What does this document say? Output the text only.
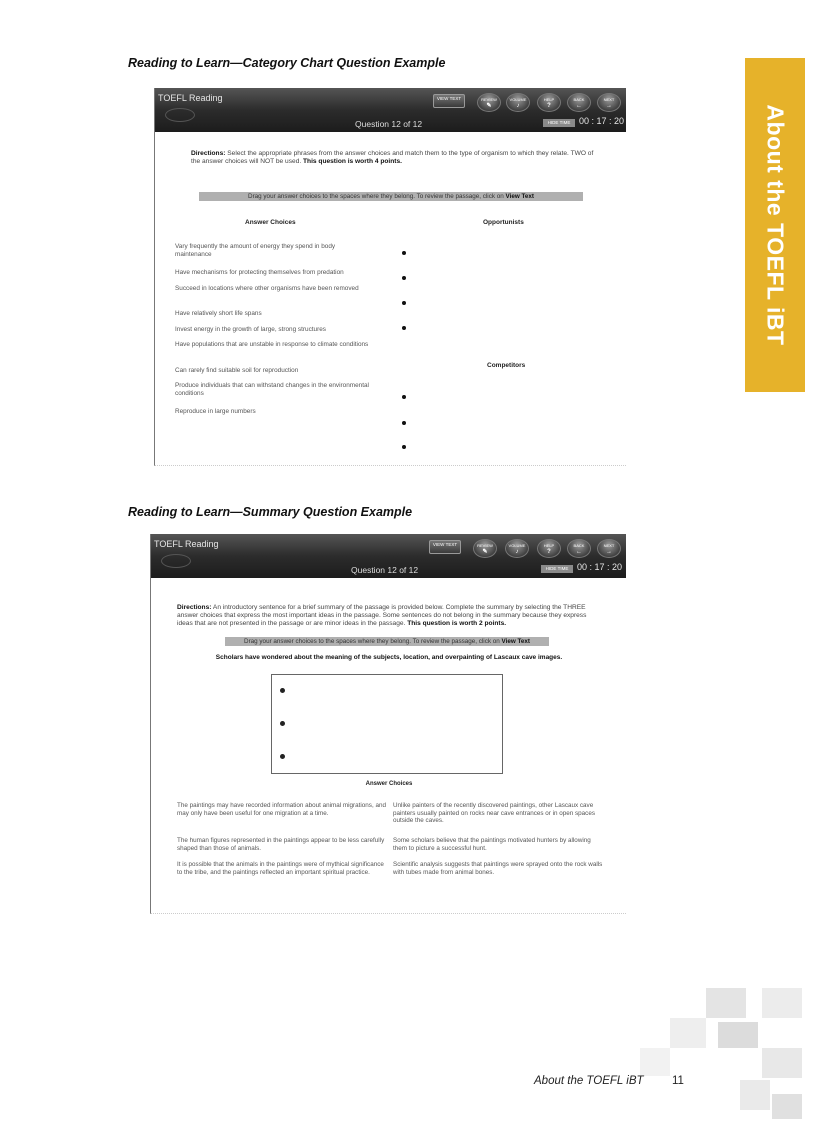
Reading to Learn—Category Chart Question Example
About the TOEFL iBT
TOEFL Reading
Question 12 of 12
VIEW TEXT	REVIEW
✎
VOLUME
♪
HELP
?
BACK
←
NEXT
→
HIDE TIME 00 : 17 : 20
Directions: Select the appropriate phrases from the answer choices and match them to the type of organism to which they relate. TWO of the answer choices will NOT be used. This question is worth 4 points.
Drag your answer choices to the spaces where they belong. To review the passage, click on View Text
Answer Choices	Opportunists
Competitors
Vary frequently the amount of energy they spend in body maintenance
Have mechanisms for protecting themselves from predation
Succeed in locations where other organisms have been removed
Have relatively short life spans
Invest energy in the growth of large, strong structures
Have populations that are unstable in response to climate conditions
Can rarely find suitable soil for reproduction
Produce individuals that can withstand changes in the environmental conditions
Reproduce in large numbers
Reading to Learn—Summary Question Example
TOEFL Reading
Question 12 of 12
VIEW TEXT	REVIEW
✎
VOLUME
♪
HELP
?
BACK
←
NEXT
→
HIDE TIME 00 : 17 : 20
Directions: An introductory sentence for a brief summary of the passage is provided below. Complete the summary by selecting the THREE answer choices that express the most important ideas in the passage. Some sentences do not belong in the summary because they express ideas that are not presented in the passage or are minor ideas in the passage. This question is worth 2 points.
Drag your answer choices to the spaces where they belong. To review the passage, click on View Text
Scholars have wondered about the meaning of the subjects, location, and overpainting of Lascaux cave images.
Answer Choices
The paintings may have recorded information about animal migrations, and may only have been useful for one migration at a time.
Unlike painters of the recently discovered paintings, other Lascaux cave painters usually painted on rocks near cave entrances or in open spaces outside the caves.
The human figures represented in the paintings appear to be less carefully shaped than those of animals.
Some scholars believe that the paintings motivated hunters by allowing them to picture a successful hunt.
It is possible that the animals in the paintings were of mythical significance to the tribe, and the paintings reflected an important spiritual practice.
Scientific analysis suggests that paintings were sprayed onto the rock walls with tubes made from animal bones.
About the TOEFL iBT 11
